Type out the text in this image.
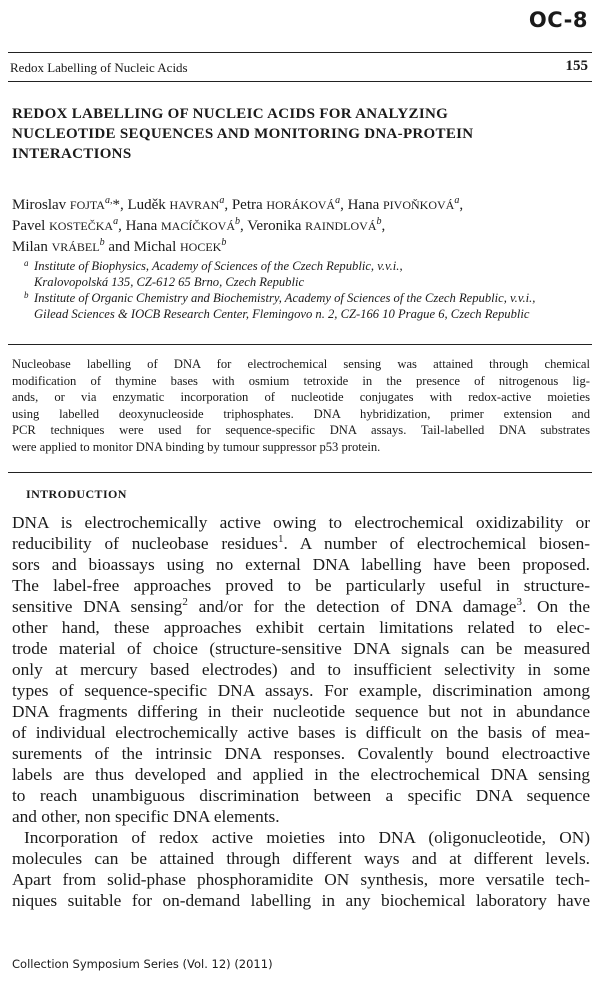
OC-8
Redox Labelling of Nucleic Acids	155
REDOX LABELLING OF NUCLEIC ACIDS FOR ANALYZING
NUCLEOTIDE SEQUENCES AND MONITORING DNA-PROTEIN
INTERACTIONS
Miroslav $FOJTA^{a,}*$, Luděk HAVRAN$^a$, Petra HORÁKOVÁ$^a$, Hana PIVOŇKOVÁ$^a$,
Pavel KOSTEČKA$^a$, Hana MACÍČKOVÁ$^b$, Veronika RAINDLOVÁ$^b$,
Milan VRÁBEL$^b$ and Michal HOCEK$^b$
a Institute of Biophysics, Academy of Sciences of the Czech Republic, v.v.i.,
Kralovopolská 135, CZ-612 65 Brno, Czech Republic
b Institute of Organic Chemistry and Biochemistry, Academy of Sciences of the Czech Republic, v.v.i.,
Gilead Sciences & IOCB Research Center, Flemingovo n. 2, CZ-166 10 Prague 6, Czech Republic
Nucleobase labelling of DNA for electrochemical sensing was attained through chemical
modification of thymine bases with osmium tetroxide in the presence of nitrogenous lig-
ands, or via enzymatic incorporation of nucleotide conjugates with redox-active moieties
using labelled deoxynucleoside triphosphates. DNA hybridization, primer extension and
PCR techniques were used for sequence-specific DNA assays. Tail-labelled DNA substrates
were applied to monitor DNA binding by tumour suppressor p53 protein.
INTRODUCTION
DNA is electrochemically active owing to electrochemical oxidizability or
reducibility of nucleobase residues$^1$. A number of electrochemical biosen-
sors and bioassays using no external DNA labelling have been proposed.
The label-free approaches proved to be particularly useful in structure-
sensitive DNA sensing$^2$ and/or for the detection of DNA damage$^3$. On the
other hand, these approaches exhibit certain limitations related to elec-
trode material of choice (structure-sensitive DNA signals can be measured
only at mercury based electrodes) and to insufficient selectivity in some
types of sequence-specific DNA assays. For example, discrimination among
DNA fragments differing in their nucleotide sequence but not in abundance
of individual electrochemically active bases is difficult on the basis of mea-
surements of the intrinsic DNA responses. Covalently bound electroactive
labels are thus developed and applied in the electrochemical DNA sensing
to reach unambiguous discrimination between a specific DNA sequence
and other, non specific DNA elements.
Incorporation of redox active moieties into DNA (oligonucleotide, ON)
molecules can be attained through different ways and at different levels.
Apart from solid-phase phosphoramidite ON synthesis, more versatile tech-
niques suitable for on-demand labelling in any biochemical laboratory have
Collection Symposium Series (Vol. 12) (2011)
